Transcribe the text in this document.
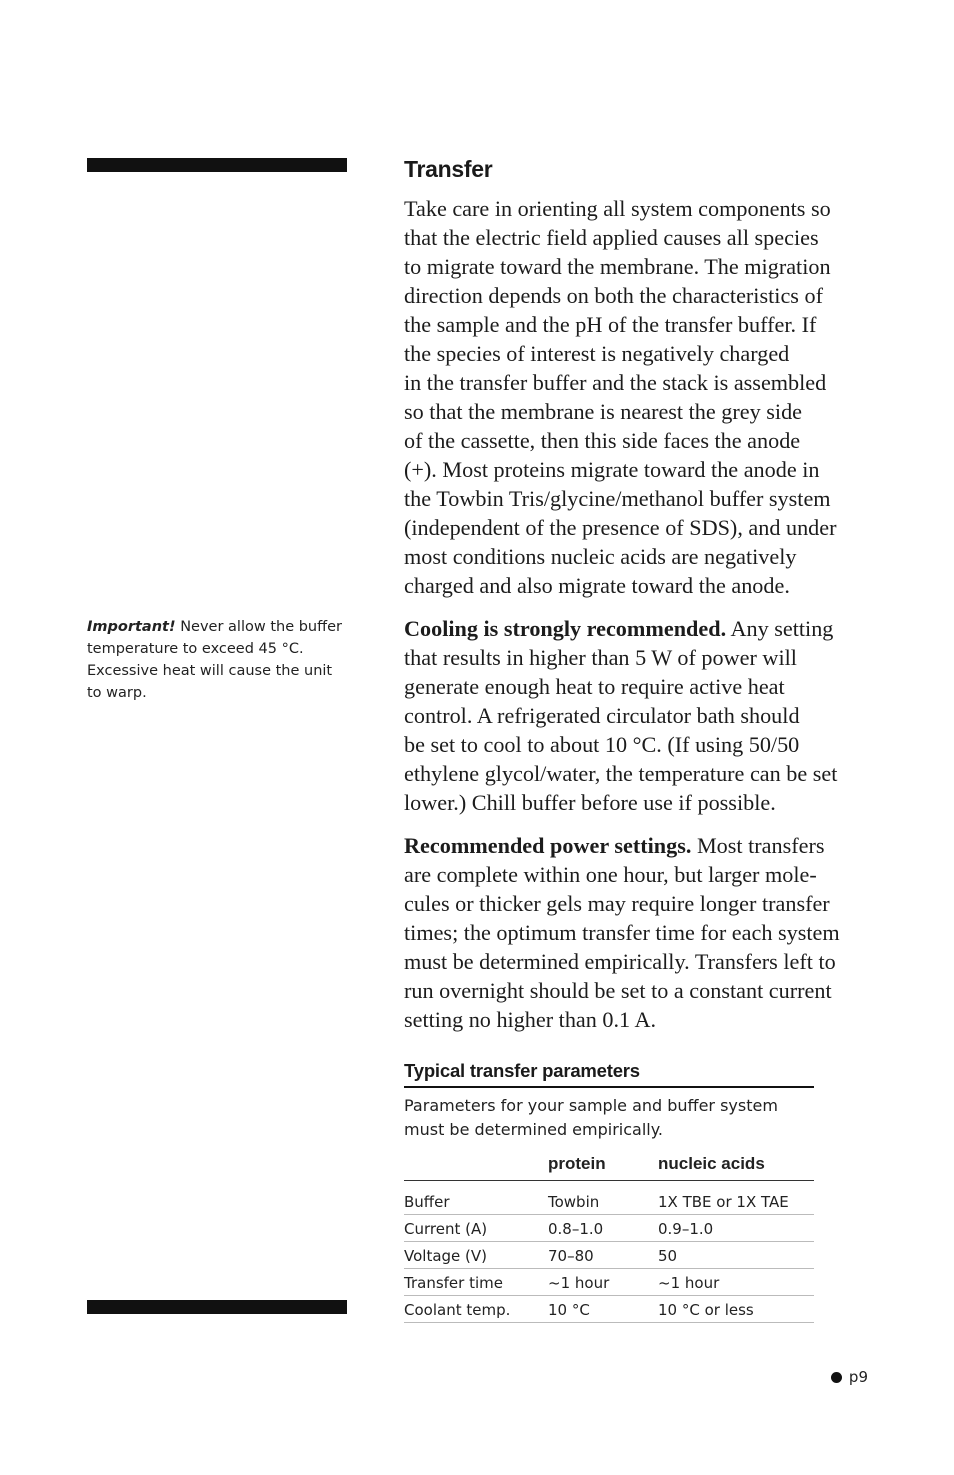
Important! Never allow the buffer temperature to exceed 45 °C. Excessive heat will cause the unit to warp.
Transfer

Take care in orienting all system components so
that the electric field applied causes all species
to migrate toward the membrane. The migration
direction depends on both the characteristics of
the sample and the pH of the transfer buffer. If
the species of interest is negatively charged
in the transfer buffer and the stack is assembled
so that the membrane is nearest the grey side
of the cassette, then this side faces the anode
(+). Most proteins migrate toward the anode in
the Towbin Tris/glycine/methanol buffer system
(independent of the presence of SDS), and under
most conditions nucleic acids are negatively
charged and also migrate toward the anode.

Cooling is strongly recommended. Any setting
that results in higher than 5 W of power will
generate enough heat to require active heat
control. A refrigerated circulator bath should
be set to cool to about 10 °C. (If using 50/50
ethylene glycol/water, the temperature can be set
lower.) Chill buffer before use if possible.

Recommended power settings. Most transfers
are complete within one hour, but larger mole-
cules or thicker gels may require longer transfer
times; the optimum transfer time for each system
must be determined empirically. Transfers left to
run overnight should be set to a constant current
setting no higher than 0.1 A.

Typical transfer parameters
Parameters for your sample and buffer system
must be determined empirically.
	protein	nucleic acids
Buffer	Towbin	1X TBE or 1X TAE
Current (A)	0.8–1.0	0.9–1.0
Voltage (V)	70–80	50
Transfer time	~1 hour	~1 hour
Coolant temp.	10 °C	10 °C or less
p9
